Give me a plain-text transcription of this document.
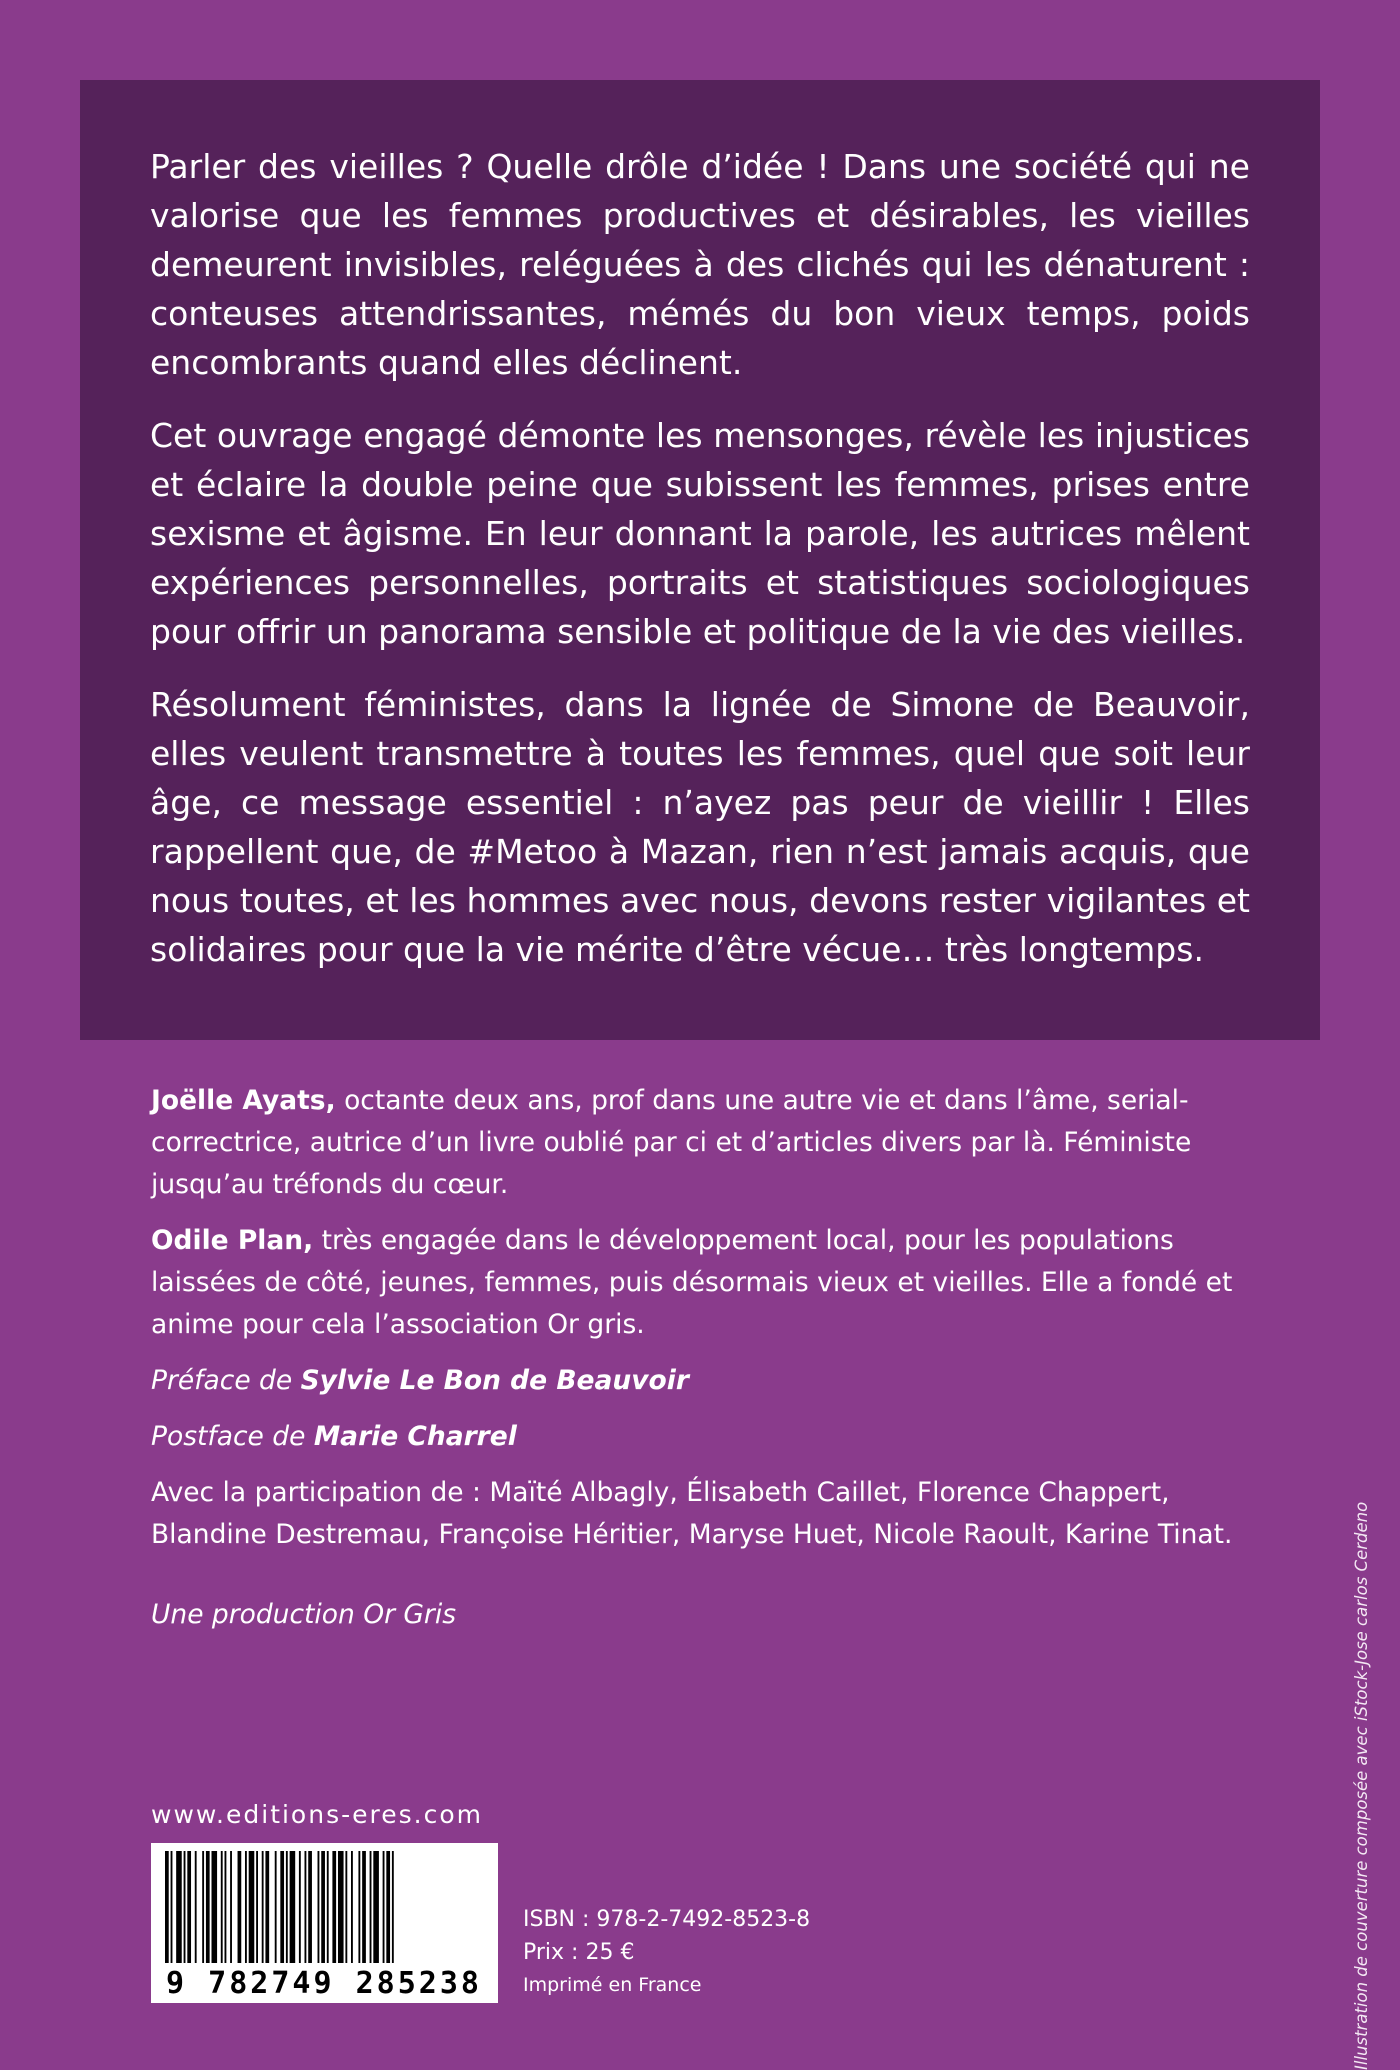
Parler des vieilles ? Quelle drôle d’idée ! Dans une société qui ne valorise que les femmes productives et désirables, les vieilles demeurent invisibles, reléguées à des clichés qui les dénaturent : conteuses attendrissantes, mémés du bon vieux temps, poids encombrants quand elles déclinent.

Cet ouvrage engagé démonte les mensonges, révèle les injustices et éclaire la double peine que subissent les femmes, prises entre sexisme et âgisme. En leur donnant la parole, les autrices mêlent expériences personnelles, portraits et statistiques sociologiques pour offrir un panorama sensible et politique de la vie des vieilles.

Résolument féministes, dans la lignée de Simone de Beauvoir, elles veulent transmettre à toutes les femmes, quel que soit leur âge, ce message essentiel : n’ayez pas peur de vieillir ! Elles rappellent que, de #Metoo à Mazan, rien n’est jamais acquis, que nous toutes, et les hommes avec nous, devons rester vigilantes et solidaires pour que la vie mérite d’être vécue… très longtemps.

Joëlle Ayats, octante deux ans, prof dans une autre vie et dans l’âme, serial-correctrice, autrice d’un livre oublié par ci et d’articles divers par là. Féministe jusqu’au tréfonds du cœur.

Odile Plan, très engagée dans le développement local, pour les populations laissées de côté, jeunes, femmes, puis désormais vieux et vieilles. Elle a fondé et anime pour cela l’association Or gris.

Préface de Sylvie Le Bon de Beauvoir

Postface de Marie Charrel

Avec la participation de : Maïté Albagly, Élisabeth Caillet, Florence Chappert, Blandine Destremau, Françoise Héritier, Maryse Huet, Nicole Raoult, Karine Tinat.

Une production Or Gris

www.editions-eres.com
9 782749 285238
ISBN : 978-2-7492-8523-8
Prix : 25 €
Imprimé en France	Illustration de couverture composée avec iStock-Jose carlos Cerdeno
